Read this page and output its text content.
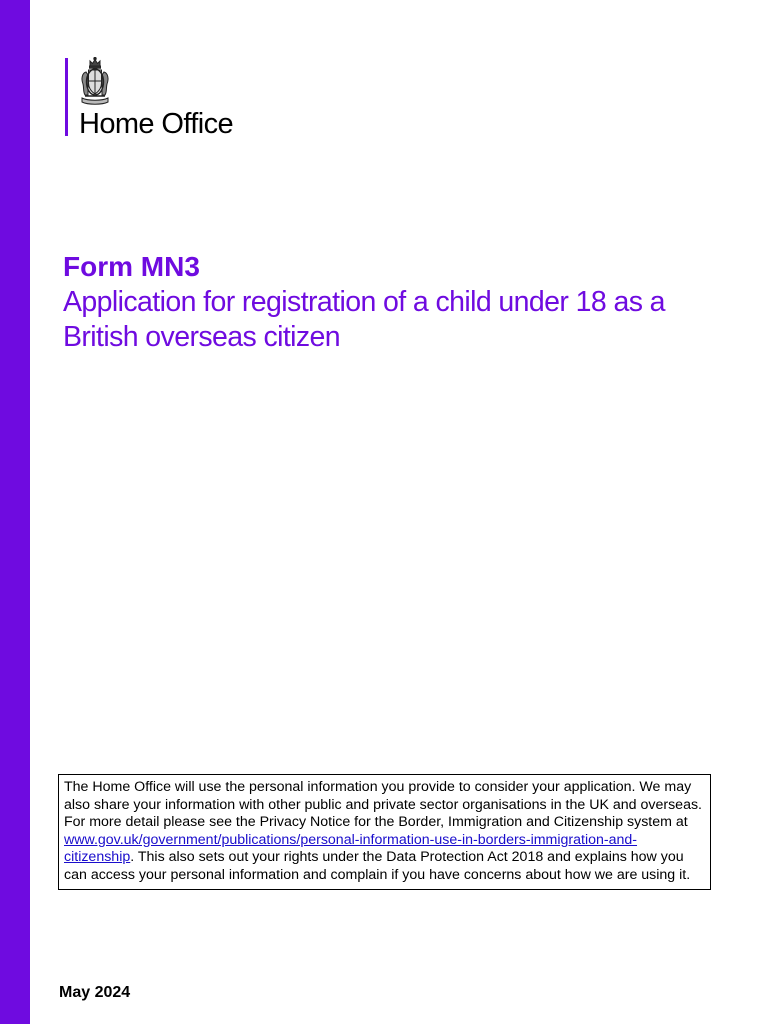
Home Office
Form MN3
Application for registration of a child under 18 as a British overseas citizen
The Home Office will use the personal information you provide to consider your application. We may also share your information with other public and private sector organisations in the UK and overseas. For more detail please see the Privacy Notice for the Border, Immigration and Citizenship system at www.gov.uk/government/publications/personal-information-use-in-borders-immigration-and-citizenship. This also sets out your rights under the Data Protection Act 2018 and explains how you can access your personal information and complain if you have concerns about how we are using it.
May 2024
